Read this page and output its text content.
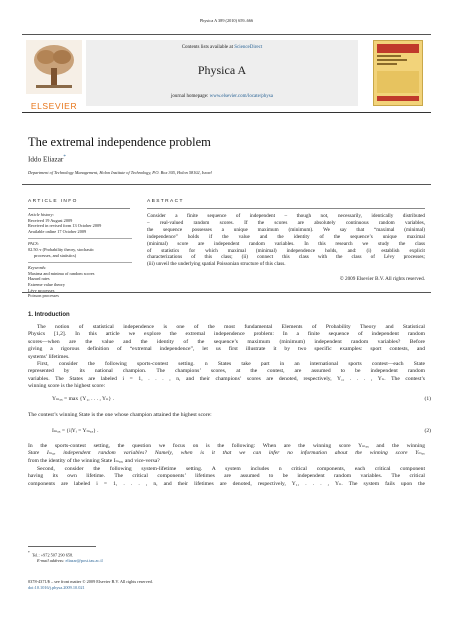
Physica A 389 (2010) 659–666
ELSEVIER
Contents lists available at ScienceDirect
Physica A
journal homepage: www.elsevier.com/locate/physa
The extremal independence problem
Iddo Eliazar*
Department of Technology Management, Holon Institute of Technology, P.O. Box 305, Holon 58102, Israel
ARTICLE INFO
Article history:
Received 19 August 2009
Received in revised form 13 October 2009
Available online 17 October 2009
PACS:
02.50.-r (Probability theory, stochastic
processes, and statistics)
Keywords:
Maxima and minima of random scores
Hazard rates
Extreme value theory
Lévy processes
Poisson processes
ABSTRACT
Consider a finite sequence of independent – though not, necessarily, identically distributed
– real-valued random scores. If the scores are absolutely continuous random variables,
the sequence possesses a unique maximum (minimum). We say that “maximal (minimal)
independence” holds if the value and the identity of the sequence’s unique maximal
(minimal) score are independent random variables. In this research we study the class
of statistics for which maximal (minimal) independence holds, and: (i) establish explicit
characterizations of this class; (ii) connect this class with the class of Lévy processes;
(iii) unveil the underlying spatial Poissonian structure of this class.
© 2009 Elsevier B.V. All rights reserved.
1. Introduction
The notion of statistical independence is one of the most fundamental Elements of Probability Theory and Statistical
Physics [1,2]. In this article we explore the extremal independence problem: In a finite sequence of independent random
scores—when are the value and the identity of the sequence’s maximum (minimum) independent random variables? Before
giving a rigorous definition of “extremal independence”, let us first illustrate it by two specific examples: sport contests, and
systems’ lifetimes.
First, consider the following sports-contest setting. n States take part in an international sports contest—each State
represented by its national champion. The champions’ scores, at the contest, are assumed to be independent random
variables. The States are labeled i = 1, . . . , n, and their champions’ scores are denoted, respectively, Y₁, . . . , Yₙ. The contest’s
winning score is the highest score:
Yₘₐₓ = max {Y₁, . . . , Yₙ} .	(1)
The contest’s winning State is the one whose champion attained the highest score:
Iₘₐₓ = {i|Yᵢ = Yₘₐₓ} .	(2)
In the sports-contest setting, the question we focus on is the following: When are the winning score Yₘₐₓ and the winning
State Iₘₐₓ independent random variables? Namely, when is it that we can infer no information about the winning score Yₘₐₓ
from the identity of the winning State Iₘₐₓ, and vice-versa?
Second, consider the following system-lifetime setting. A system includes n critical components, each critical component
having its own lifetime. The critical components’ lifetimes are assumed to be independent random variables. The critical
components are labeled i = 1, . . . , n, and their lifetimes are denoted, respectively, Y₁, . . . , Yₙ. The system fails upon the
* Tel.: +972 507 290 658.
E-mail address: eliazar@post.tau.ac.il
0378-4371/$ – see front matter © 2009 Elsevier B.V. All rights reserved.
doi:10.1016/j.physa.2009.10.021
